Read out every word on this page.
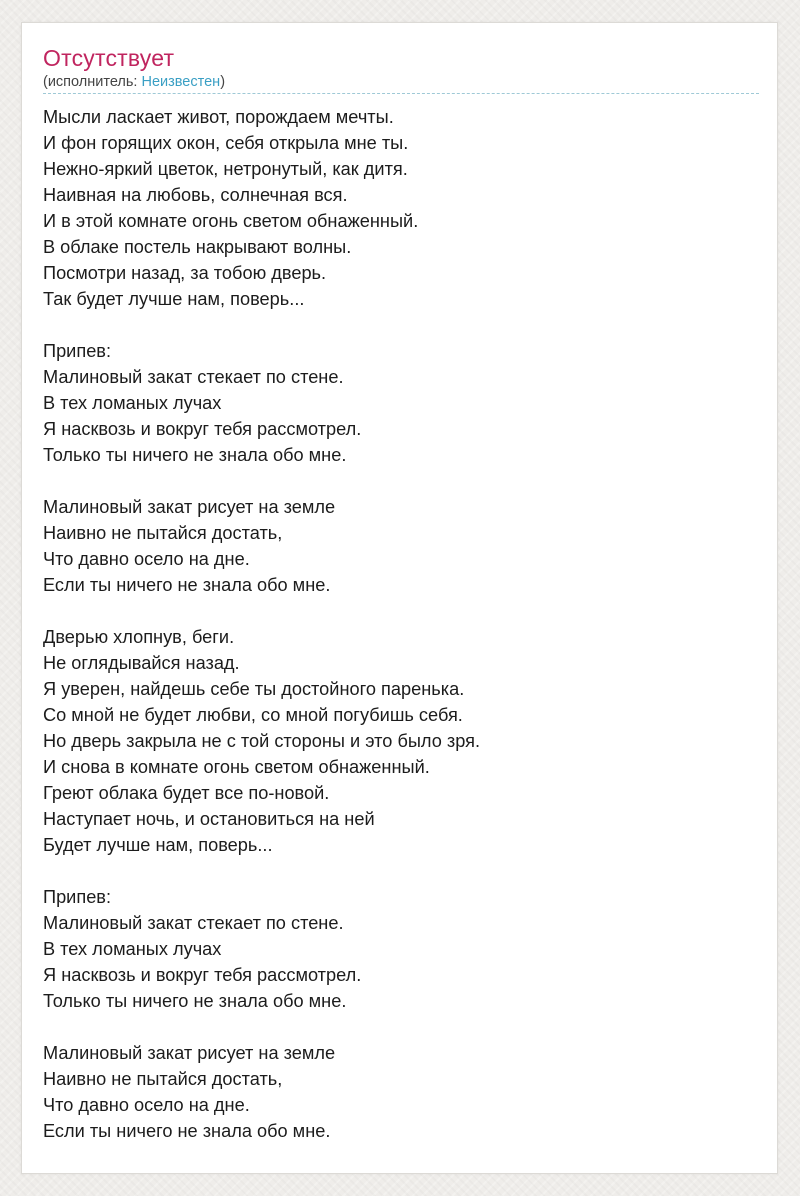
Отсутствует
(исполнитель: Неизвестен)
Мысли ласкает живот, порождаем мечты.
И фон горящих окон, себя открыла мне ты.
Нежно-яркий цветок, нетронутый, как дитя.
Наивная на любовь, солнечная вся.
И в этой комнате огонь светом обнаженный.
В облаке постель накрывают волны.
Посмотри назад, за тобою дверь.
Так будет лучше нам, поверь...
Припев:
Малиновый закат стекает по стене.
В тех ломаных лучах
Я насквозь и вокруг тебя рассмотрел.
Только ты ничего не знала обо мне.
Малиновый закат рисует на земле
Наивно не пытайся достать,
Что давно осело на дне.
Если ты ничего не знала обо мне.
Дверью хлопнув, беги.
Не оглядывайся назад.
Я уверен, найдешь себе ты достойного паренька.
Со мной не будет любви, со мной погубишь себя.
Но дверь закрыла не с той стороны и это было зря.
И снова в комнате огонь светом обнаженный.
Греют облака будет все по-новой.
Наступает ночь, и остановиться на ней
Будет лучше нам, поверь...
Припев:
Малиновый закат стекает по стене.
В тех ломаных лучах
Я насквозь и вокруг тебя рассмотрел.
Только ты ничего не знала обо мне.
Малиновый закат рисует на земле
Наивно не пытайся достать,
Что давно осело на дне.
Если ты ничего не знала обо мне.
